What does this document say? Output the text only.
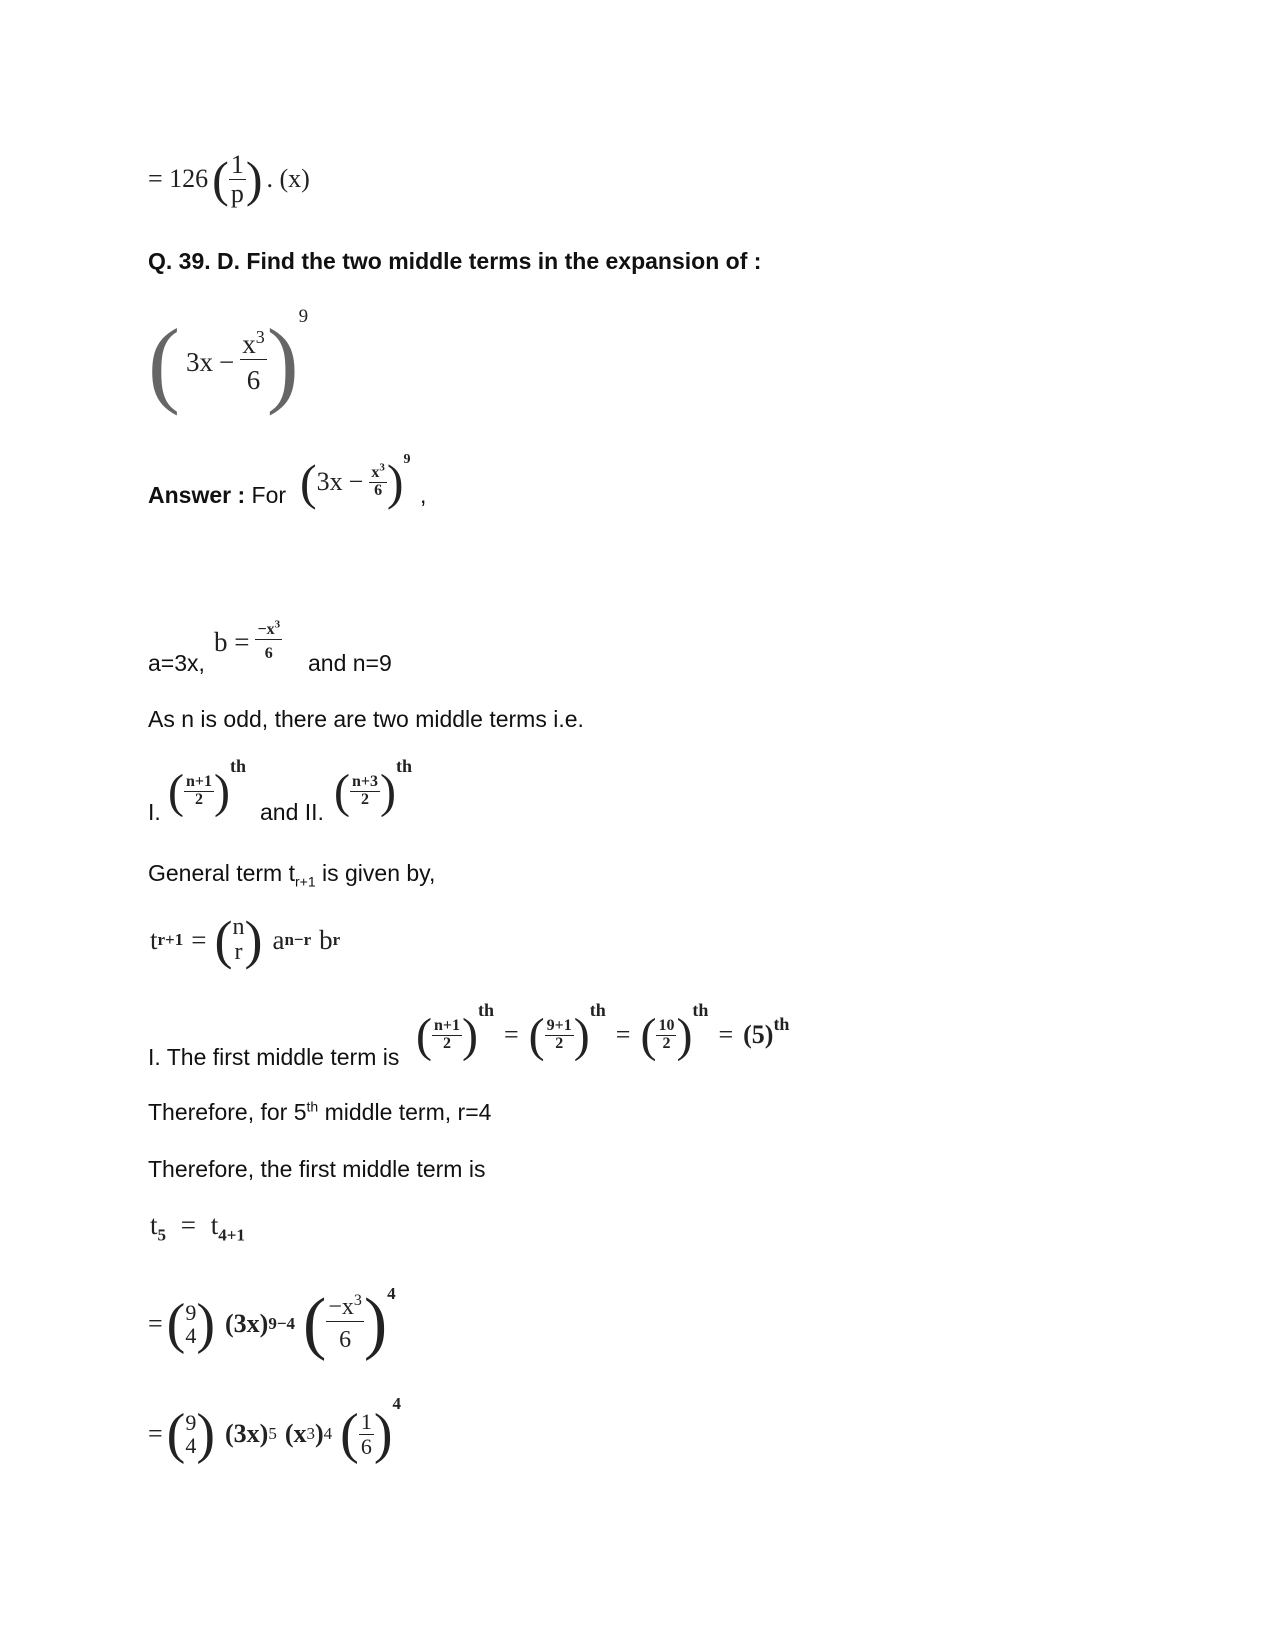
= 126 ( $\frac{1}{p}$ ) . (x)
Q. 39. D. Find the two middle terms in the expansion of :
( $3x - \frac{x^3}{6}$ ) 9
Answer : For ( $3x - \frac{x^3}{6}$ ) 9
,
a=3x,
$b = \frac{-x^3}{6}$
and n=9
As n is odd, there are two middle terms i.e.
I. ( $\frac{n+1}{2}$ ) th
and II. ( $\frac{n+3}{2}$ ) th
General term $t_{r+1}$ is given by,
t r+1 = ( n
r ) a n−r b r
I. The first middle term is ( $\frac{n+1}{2}$ ) th
= ( $\frac{9+1}{2}$ ) th
= ( $\frac{10}{2}$ ) th
= (5) th
Therefore, for 5th middle term, r=4
Therefore, the first middle term is
$t_5 = t_{4+1}$
= ( 9
4 ) (3x) 9−4 ( $\frac{-x^3}{6}$ ) 4
= ( 9
4 ) (3x) 5 (x 3 ) 4 ( $\frac{1}{6}$ ) 4
